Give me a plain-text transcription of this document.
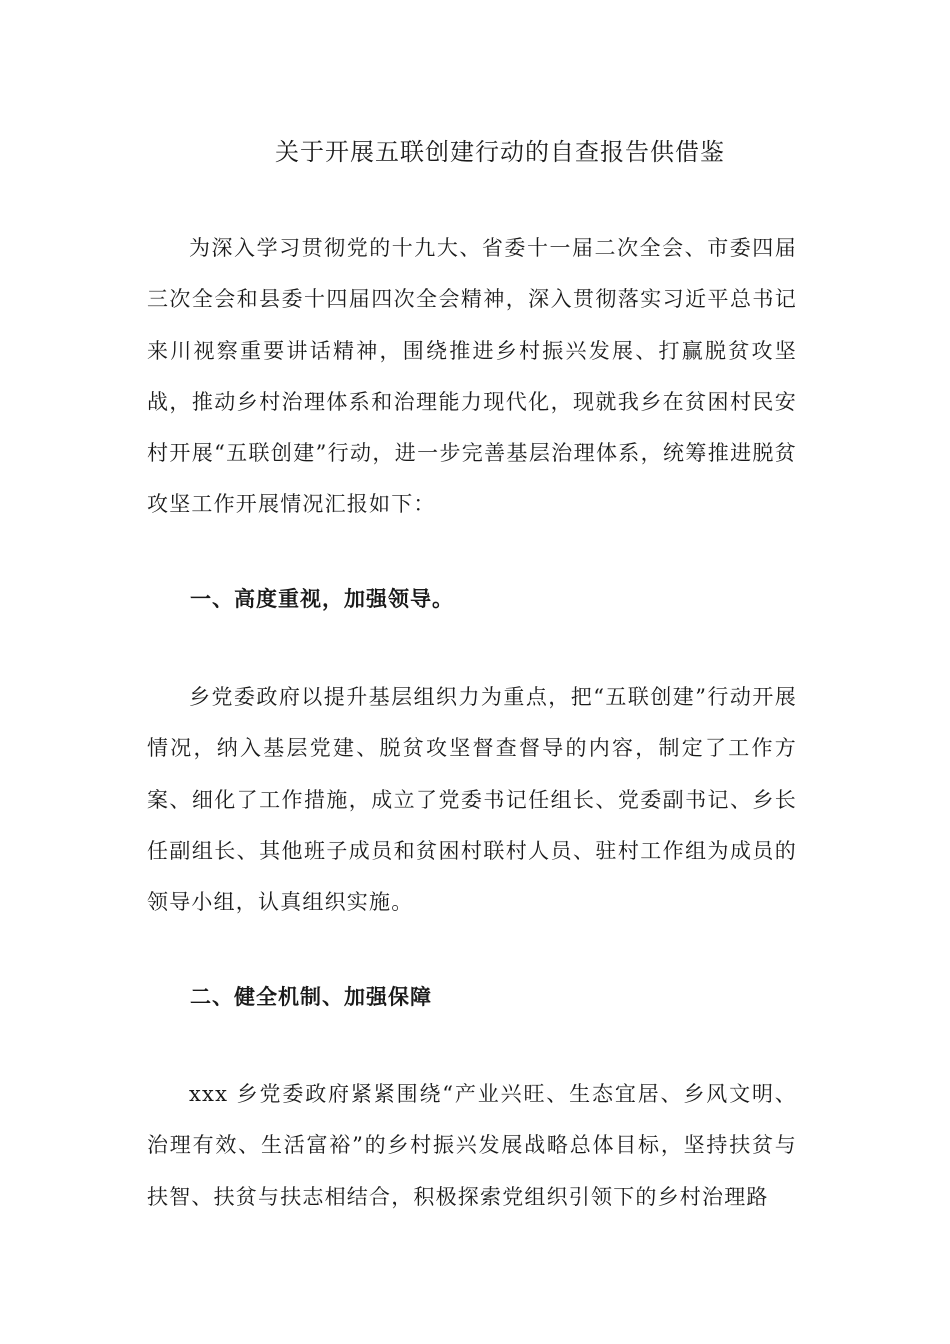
关于开展五联创建行动的自查报告供借鉴

为深入学习贯彻党的十九大、省委十一届二次全会、市委四届三次全会和县委十四届四次全会精神，深入贯彻落实习近平总书记来川视察重要讲话精神，围绕推进乡村振兴发展、打赢脱贫攻坚战，推动乡村治理体系和治理能力现代化，现就我乡在贫困村民安村开展“五联创建”行动，进一步完善基层治理体系，统筹推进脱贫攻坚工作开展情况汇报如下：

一、高度重视，加强领导。

乡党委政府以提升基层组织力为重点，把“五联创建”行动开展情况，纳入基层党建、脱贫攻坚督查督导的内容，制定了工作方案、细化了工作措施，成立了党委书记任组长、党委副书记、乡长任副组长、其他班子成员和贫困村联村人员、驻村工作组为成员的领导小组，认真组织实施。

二、健全机制、加强保障

xxx 乡党委政府紧紧围绕“产业兴旺、生态宜居、乡风文明、治理有效、生活富裕”的乡村振兴发展战略总体目标，坚持扶贫与扶智、扶贫与扶志相结合，积极探索党组织引领下的乡村治理路
